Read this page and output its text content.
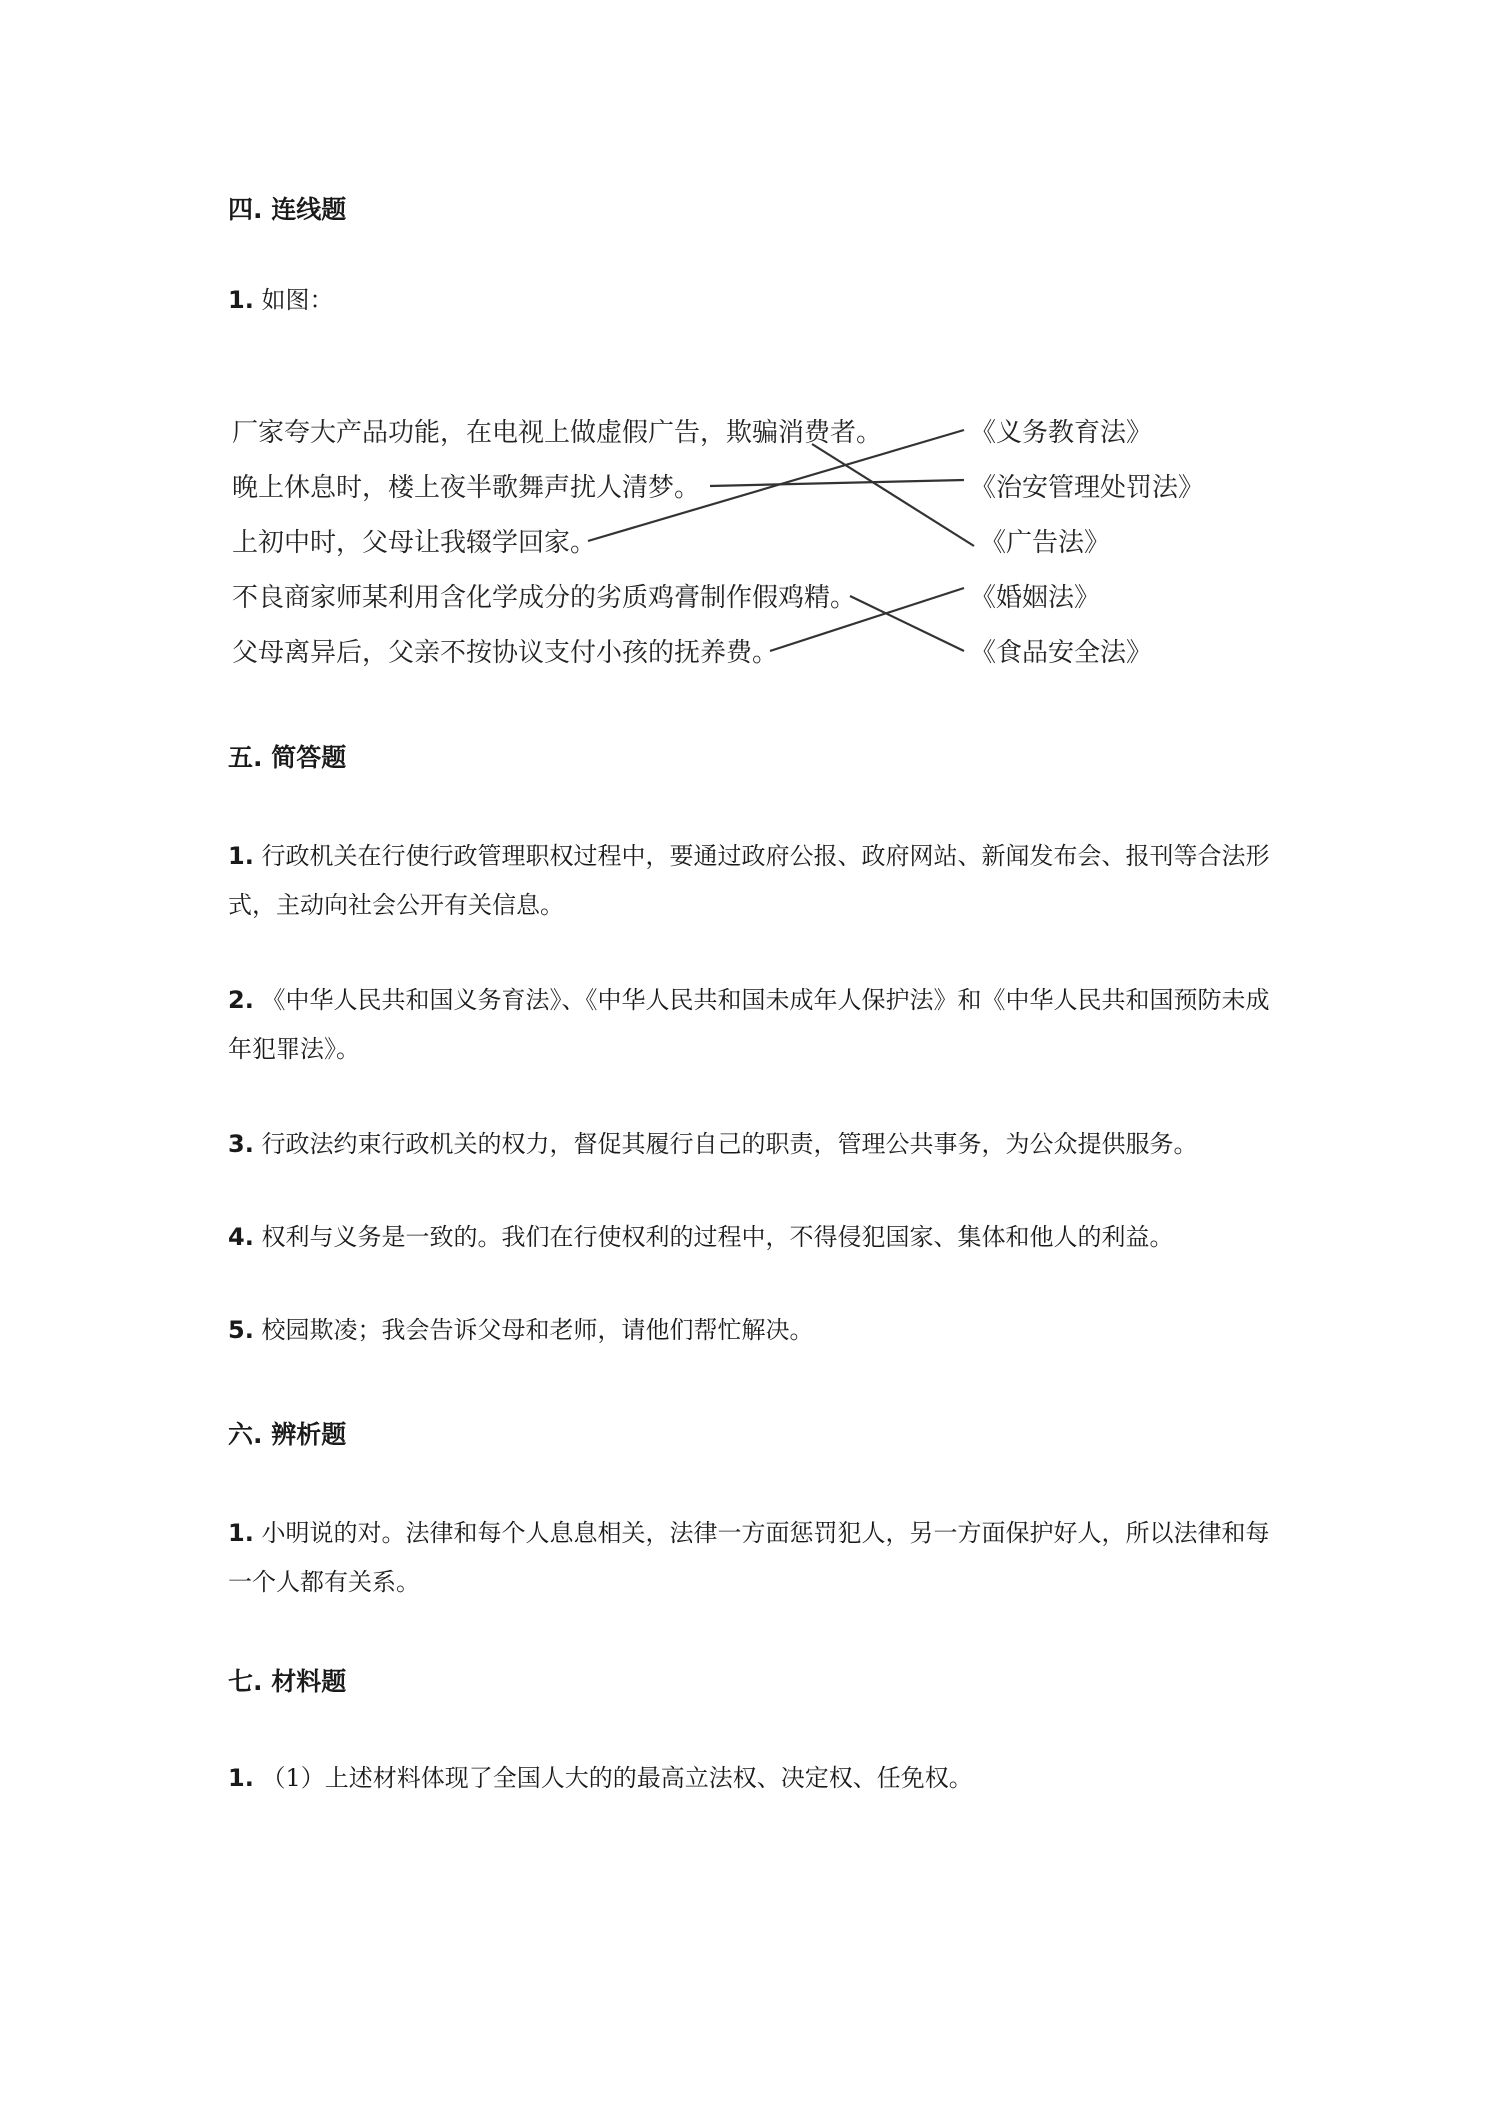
四. 连线题

1. 如图：

厂家夸大产品功能，在电视上做虚假广告，欺骗消费者。
晚上休息时，楼上夜半歌舞声扰人清梦。
上初中时，父母让我辍学回家。
不良商家师某利用含化学成分的劣质鸡膏制作假鸡精。
父母离异后，父亲不按协议支付小孩的抚养费。
《义务教育法》
《治安管理处罚法》
《广告法》
《婚姻法》
《食品安全法》
五. 简答题

1. 行政机关在行使行政管理职权过程中，要通过政府公报、政府网站、新闻发布会、报刊等合法形式，主动向社会公开有关信息。

2. 《中华人民共和国义务育法》、《中华人民共和国未成年人保护法》和《中华人民共和国预防未成年犯罪法》。

3. 行政法约束行政机关的权力，督促其履行自己的职责，管理公共事务，为公众提供服务。

4. 权利与义务是一致的。我们在行使权利的过程中，不得侵犯国家、集体和他人的利益。

5. 校园欺凌；我会告诉父母和老师，请他们帮忙解决。

六. 辨析题

1. 小明说的对。法律和每个人息息相关，法律一方面惩罚犯人，另一方面保护好人，所以法律和每一个人都有关系。

七. 材料题

1. （1）上述材料体现了全国人大的的最高立法权、决定权、任免权。
